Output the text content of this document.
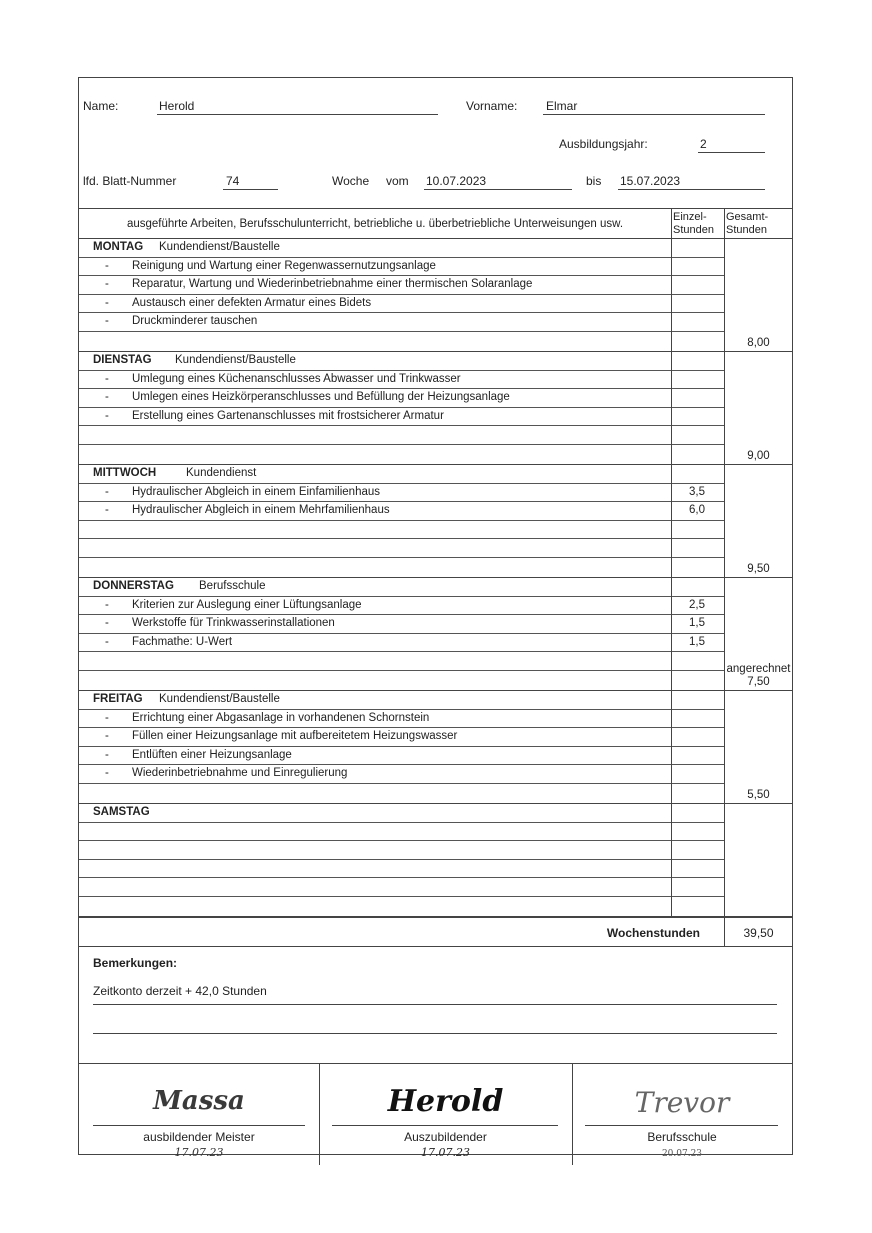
Name:	Herold	Vorname: Elmar
Ausbildungsjahr:	2
lfd. Blatt-Nummer	74	Woche vom 10.07.2023	bis 15.07.2023
ausgeführte Arbeiten, Berufsschulunterricht, betriebliche u. überbetriebliche Unterweisungen usw.
Einzel-
Stunden
Gesamt-
Stunden
MONTAG Kundendienst/Baustelle
- Reinigung und Wartung einer Regenwassernutzungsanlage
- Reparatur, Wartung und Wiederinbetriebnahme einer thermischen Solaranlage
- Austausch einer defekten Armatur eines Bidets
- Druckminderer tauschen
8,00
DIENSTAG Kundendienst/Baustelle
- Umlegung eines Küchenanschlusses Abwasser und Trinkwasser
- Umlegen eines Heizkörperanschlusses und Befüllung der Heizungsanlage
- Erstellung eines Gartenanschlusses mit frostsicherer Armatur
9,00
MITTWOCH	Kundendienst
- Hydraulischer Abgleich in einem Einfamilienhaus	3,5
- Hydraulischer Abgleich in einem Mehrfamilienhaus	6,0
9,50
DONNERSTAG Berufsschule
- Kriterien zur Auslegung einer Lüftungsanlage	2,5
- Werkstoffe für Trinkwasserinstallationen	1,5
- Fachmathe: U-Wert	1,5
angerechnet
7,50
FREITAG Kundendienst/Baustelle
- Errichtung einer Abgasanlage in vorhandenen Schornstein
- Füllen einer Heizungsanlage mit aufbereitetem Heizungswasser
- Entlüften einer Heizungsanlage
- Wiederinbetriebnahme und Einregulierung
5,50
SAMSTAG
Wochenstunden	39,50
Bemerkungen:
Zeitkonto derzeit + 42,0 Stunden
Massa
ausbildender Meister
17.07.23
Herold
Auszubildender
17.07.23
Trevor
Berufsschule
20.07.23
